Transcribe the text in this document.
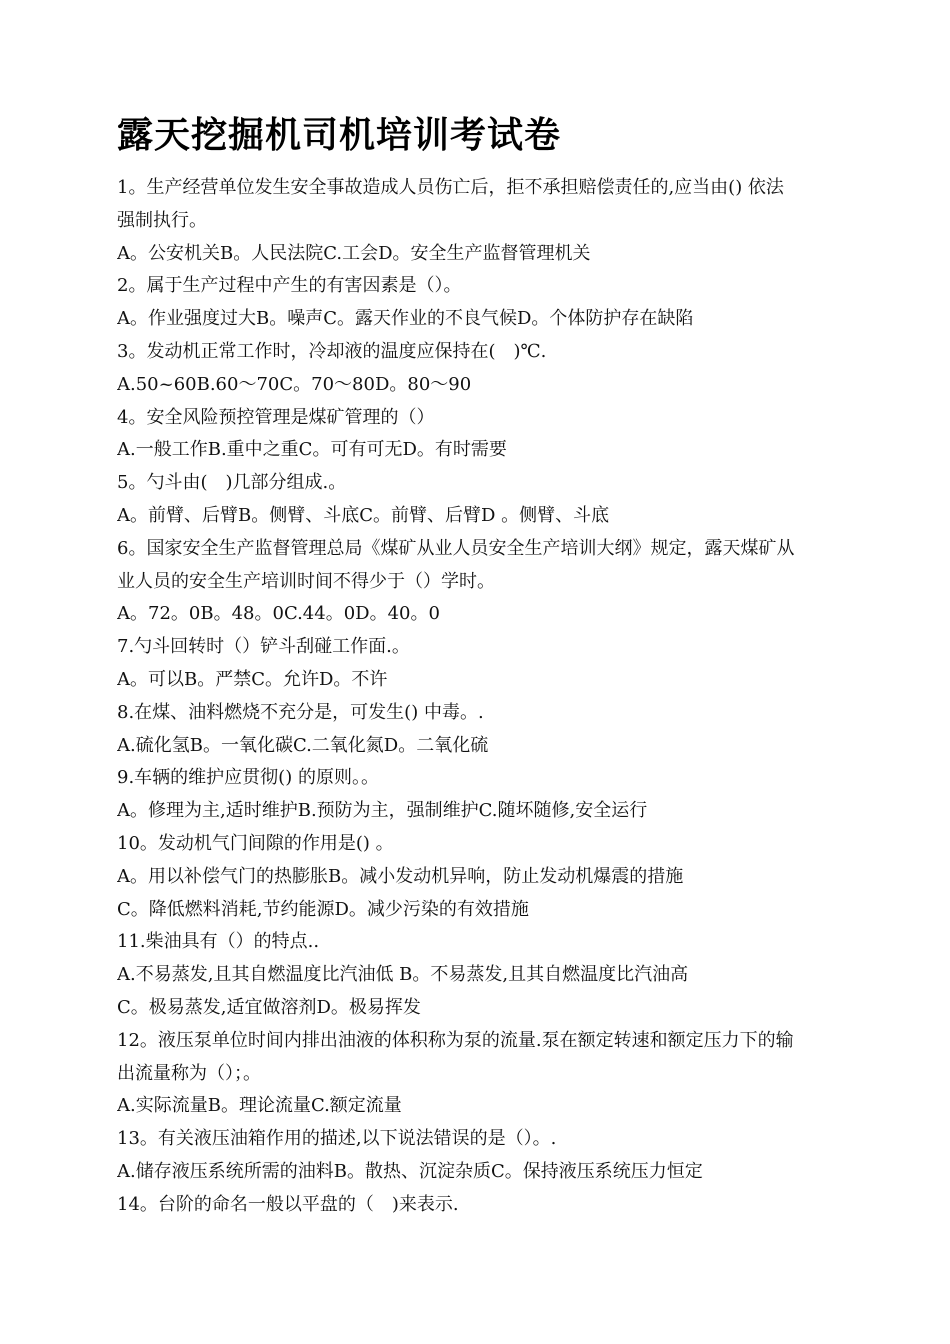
露天挖掘机司机培训考试卷
1。生产经营单位发生安全事故造成人员伤亡后，拒不承担赔偿责任的,应当由() 依法
强制执行。
A。公安机关B。人民法院C.工会D。安全生产监督管理机关
2。属于生产过程中产生的有害因素是（）。
A。作业强度过大B。噪声C。露天作业的不良气候D。个体防护存在缺陷
3。发动机正常工作时，冷却液的温度应保持在(　)℃.
A.50~60B.60～70C。70～80D。80～90
4。安全风险预控管理是煤矿管理的（）
A.一般工作B.重中之重C。可有可无D。有时需要
5。勺斗由(　)几部分组成.。
A。前臂、后臂B。侧臂、斗底C。前臂、后臂D 。侧臂、斗底
6。国家安全生产监督管理总局《煤矿从业人员安全生产培训大纲》规定，露天煤矿从
业人员的安全生产培训时间不得少于（）学时。
A。72。0B。48。0C.44。0D。40。0
7.勺斗回转时（）铲斗刮碰工作面.。
A。可以B。严禁C。允许D。不许
8.在煤、油料燃烧不充分是，可发生() 中毒。.
A.硫化氢B。一氧化碳C.二氧化氮D。二氧化硫
9.车辆的维护应贯彻() 的原则。。
A。修理为主,适时维护B.预防为主，强制维护C.随坏随修,安全运行
10。发动机气门间隙的作用是() 。
A。用以补偿气门的热膨胀B。减小发动机异响，防止发动机爆震的措施
C。降低燃料消耗,节约能源D。减少污染的有效措施
11.柴油具有（）的特点..
A.不易蒸发,且其自燃温度比汽油低 B。不易蒸发,且其自燃温度比汽油高
C。极易蒸发,适宜做溶剂D。极易挥发
12。液压泵单位时间内排出油液的体积称为泵的流量.泵在额定转速和额定压力下的输
出流量称为（）；。
A.实际流量B。理论流量C.额定流量
13。有关液压油箱作用的描述,以下说法错误的是（）。.
A.储存液压系统所需的油料B。散热、沉淀杂质C。保持液压系统压力恒定
14。台阶的命名一般以平盘的（　)来表示.
